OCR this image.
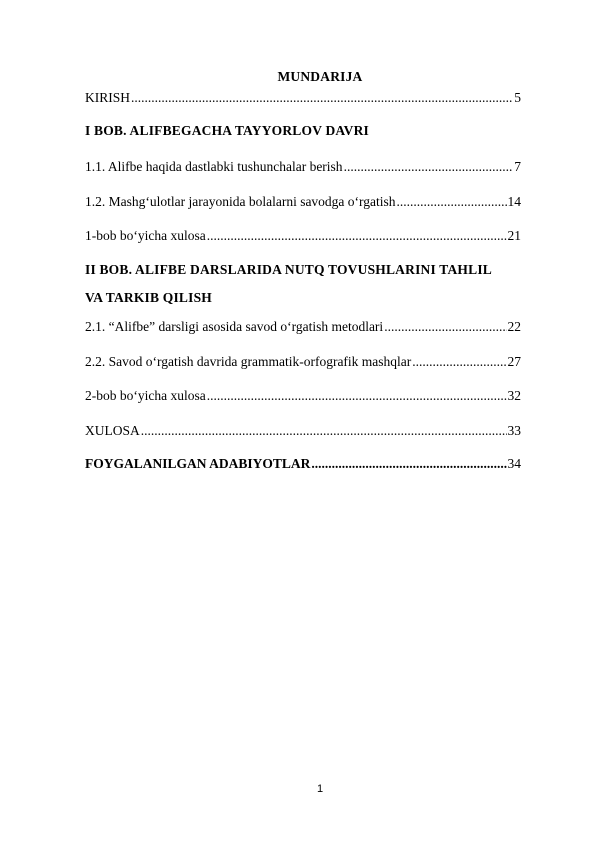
MUNDARIJA
KIRISH .....	5
I BOB. ALIFBEGACHA TAYYORLOV DAVRI
1.1. Alifbe haqida dastlabki tushunchalar berish .....	7
1.2. Mashg‘ulotlar jarayonida bolalarni savodga o‘rgatish .....	14
1-bob bo‘yicha xulosa .....	21
II BOB. ALIFBE DARSLARIDA NUTQ TOVUSHLARINI TAHLIL
VA TARKIB QILISH
2.1. “Alifbe” darsligi asosida savod o‘rgatish metodlari .....	22
2.2. Savod o‘rgatish davrida grammatik-orfografik mashqlar .....	27
2-bob bo‘yicha xulosa .....	32
XULOSA .....	33
FOYGALANILGAN ADABIYOTLAR .....	34
1
